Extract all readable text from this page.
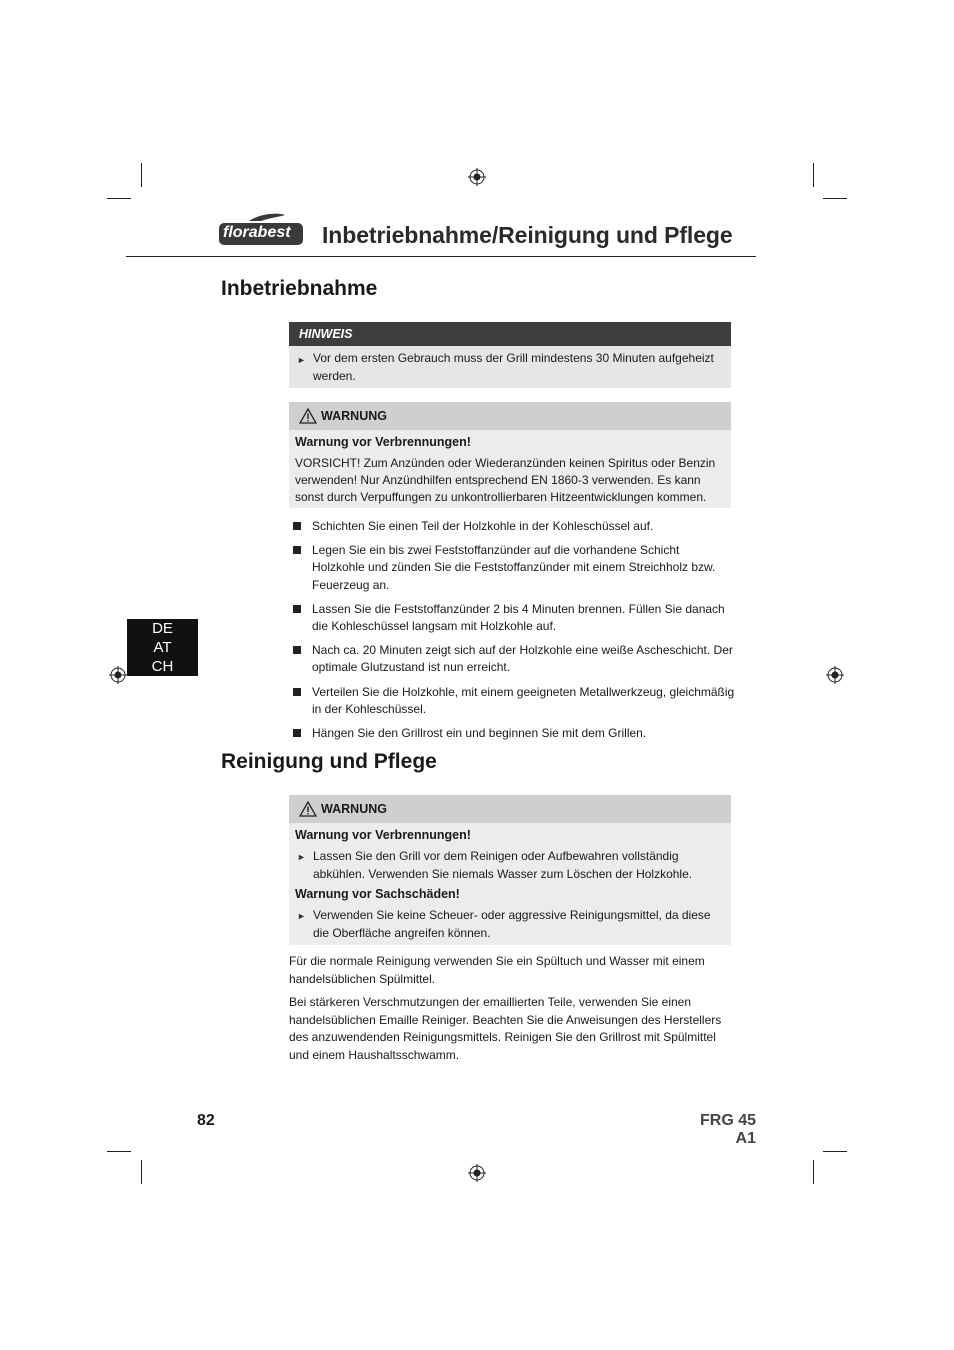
florabest Inbetriebnahme/Reinigung und Pflege
Inbetriebnahme
HINWEIS
► Vor dem ersten Gebrauch muss der Grill mindestens 30 Minuten aufgeheizt werden.
WARNUNG

Warnung vor Verbrennungen!

VORSICHT! Zum Anzünden oder Wiederanzünden keinen Spiritus oder Benzin verwenden! Nur Anzündhilfen entsprechend EN 1860-3 verwenden. Es kann sonst durch Verpuffungen zu unkontrollierbaren Hitzeentwicklungen kommen.

Schichten Sie einen Teil der Holzkohle in der Kohleschüssel auf.
Legen Sie ein bis zwei Feststoffanzünder auf die vorhandene Schicht Holzkohle und zünden Sie die Feststoffanzünder mit einem Streichholz bzw. Feuerzeug an.
Lassen Sie die Feststoffanzünder 2 bis 4 Minuten brennen. Füllen Sie danach die Kohleschüssel langsam mit Holzkohle auf.
Nach ca. 20 Minuten zeigt sich auf der Holzkohle eine weiße Ascheschicht. Der optimale Glutzustand ist nun erreicht.
Verteilen Sie die Holzkohle, mit einem geeigneten Metallwerkzeug, gleichmäßig in der Kohleschüssel.
Hängen Sie den Grillrost ein und beginnen Sie mit dem Grillen.
DE
AT
CH
Reinigung und Pflege
WARNUNG

Warnung vor Verbrennungen!

► Lassen Sie den Grill vor dem Reinigen oder Aufbewahren vollständig abkühlen. Verwenden Sie niemals Wasser zum Löschen der Holzkohle.

Warnung vor Sachschäden!

► Verwenden Sie keine Scheuer- oder aggressive Reinigungsmittel, da diese die Oberfläche angreifen können.

Für die normale Reinigung verwenden Sie ein Spültuch und Wasser mit einem handelsüblichen Spülmittel.

Bei stärkeren Verschmutzungen der emaillierten Teile, verwenden Sie einen handelsüblichen Emaille Reiniger. Beachten Sie die Anweisungen des Herstellers des anzuwendenden Reinigungsmittels. Reinigen Sie den Grillrost mit Spülmittel und einem Haushaltsschwamm.

82	FRG 45 A1
